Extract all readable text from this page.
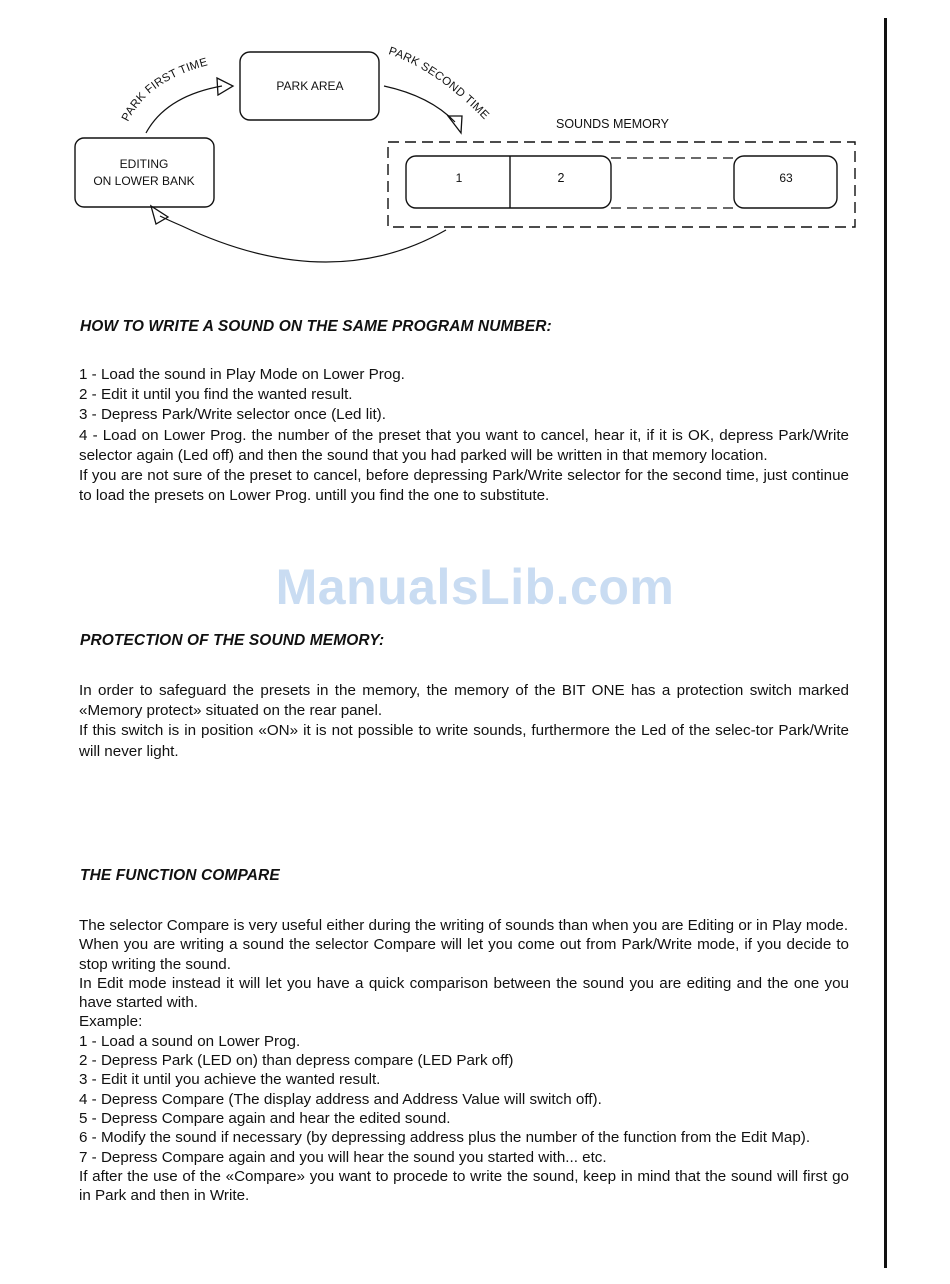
PARK AREA
EDITING
ON LOWER BANK
PARK FIRST TIME
PARK SECOND TIME
SOUNDS MEMORY
1	2	63
HOW TO WRITE A SOUND ON THE SAME PROGRAM NUMBER:

1 - Load the sound in Play Mode on Lower Prog.

2 - Edit it until you find the wanted result.

3 - Depress Park/Write selector once (Led lit).

4 - Load on Lower Prog. the number of the preset that you want to cancel, hear it, if it is OK, depress Park/Write selector again (Led off) and then the sound that you had parked will be written in that memory location.

If you are not sure of the preset to cancel, before depressing Park/Write selector for the second time, just continue to load the presets on Lower Prog. untill you find the one to substitute.

ManualsLib.com
PROTECTION OF THE SOUND MEMORY:

In order to safeguard the presets in the memory, the memory of the BIT ONE has a protection switch marked «Memory protect» situated on the rear panel.

If this switch is in position «ON» it is not possible to write sounds, furthermore the Led of the selec-tor Park/Write will never light.

THE FUNCTION COMPARE

The selector Compare is very useful either during the writing of sounds than when you are Editing or in Play mode.

When you are writing a sound the selector Compare will let you come out from Park/Write mode, if you decide to stop writing the sound.

In Edit mode instead it will let you have a quick comparison between the sound you are editing and the one you have started with.

Example:

1 - Load a sound on Lower Prog.

2 - Depress Park (LED on) than depress compare (LED Park off)

3 - Edit it until you achieve the wanted result.

4 - Depress Compare (The display address and Address Value will switch off).

5 - Depress Compare again and hear the edited sound.

6 - Modify the sound if necessary (by depressing address plus the number of the function from the Edit Map).

7 - Depress Compare again and you will hear the sound you started with... etc.

If after the use of the «Compare» you want to procede to write the sound, keep in mind that the sound will first go in Park and then in Write.
